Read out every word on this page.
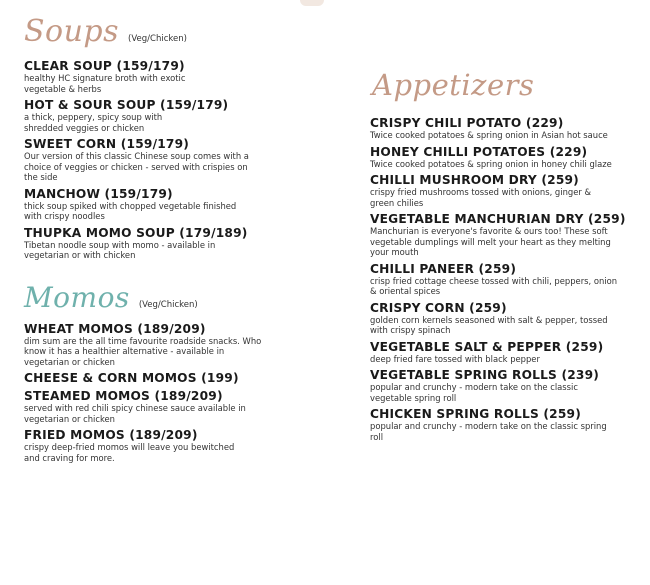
Soups (Veg/Chicken)
CLEAR SOUP (159/179)
healthy HC signature broth with exotic vegetable & herbs
HOT & SOUR SOUP (159/179)
a thick, peppery, spicy soup with shredded veggies or chicken
SWEET CORN (159/179)
Our version of this classic Chinese soup comes with a choice of veggies or chicken - served with crispies on the side
MANCHOW (159/179)
thick soup spiked with chopped vegetable finished with crispy noodles
THUPKA MOMO SOUP (179/189)
Tibetan noodle soup with momo - available in vegetarian or with chicken
Momos (Veg/Chicken)
WHEAT MOMOS (189/209)
dim sum are the all time favourite roadside snacks. Who know it has a healthier alternative - available in vegetarian or chicken
CHEESE & CORN MOMOS (199)
STEAMED MOMOS (189/209)
served with red chili spicy chinese sauce available in vegetarian or chicken
FRIED MOMOS (189/209)
crispy deep-fried momos will leave you bewitched and craving for more.
Appetizers
CRISPY CHILI POTATO (229)
Twice cooked potatoes & spring onion in Asian hot sauce
HONEY CHILLI POTATOES (229)
Twice cooked potatoes & spring onion in honey chili glaze
CHILLI MUSHROOM DRY (259)
crispy fried mushrooms tossed with onions, ginger & green chilies
VEGETABLE MANCHURIAN DRY (259)
Manchurian is everyone's favorite & ours too! These soft vegetable dumplings will melt your heart as they melting your mouth
CHILLI PANEER (259)
crisp fried cottage cheese tossed with chili, peppers, onion & oriental spices
CRISPY CORN (259)
golden corn kernels seasoned with salt & pepper, tossed with crispy spinach
VEGETABLE SALT & PEPPER (259)
deep fried fare tossed with black pepper
VEGETABLE SPRING ROLLS (239)
popular and crunchy - modern take on the classic vegetable spring roll
CHICKEN SPRING ROLLS (259)
popular and crunchy - modern take on the classic spring roll
